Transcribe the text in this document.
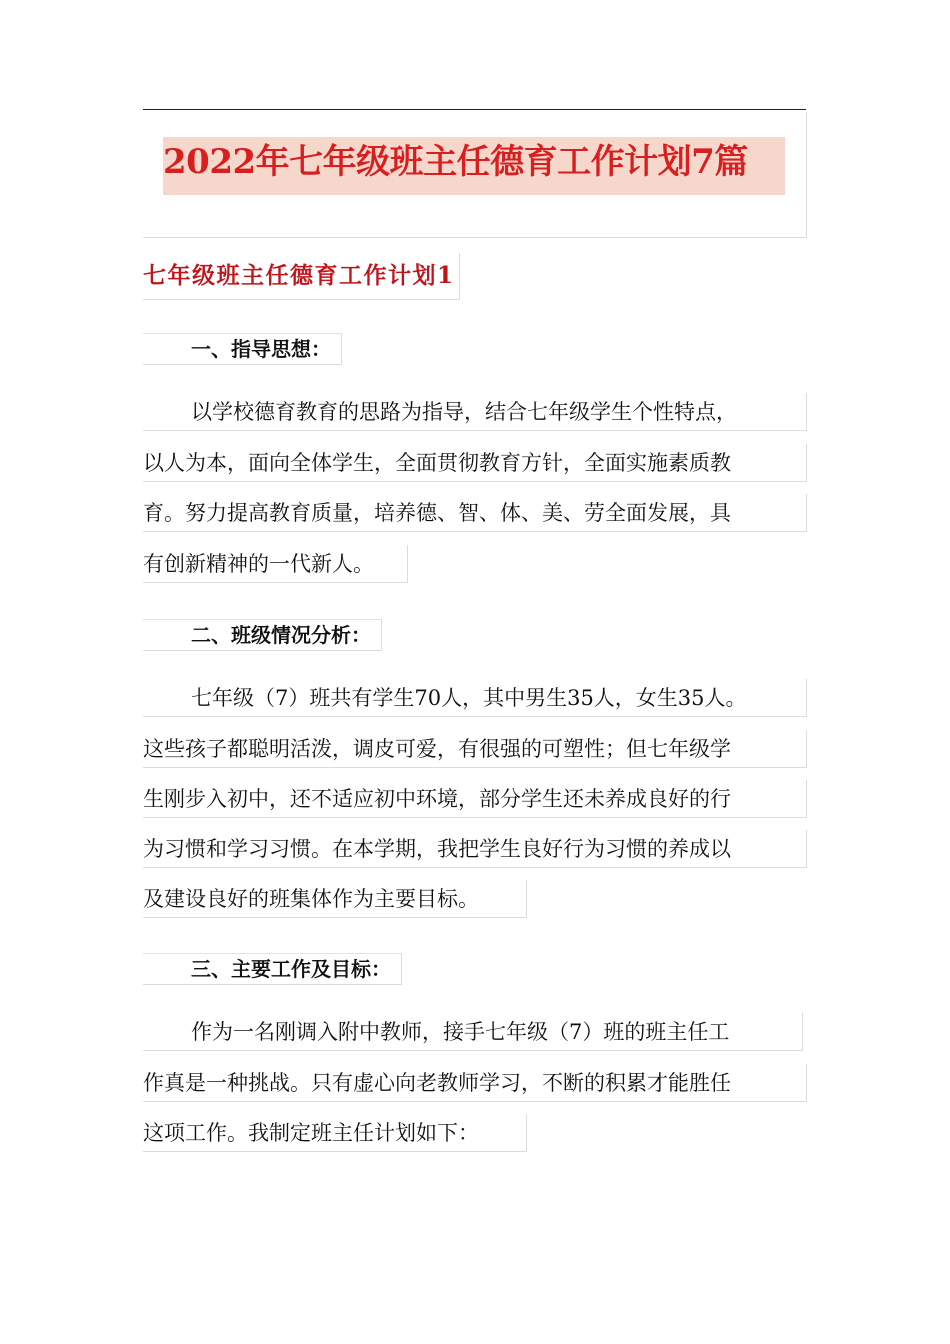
2022年七年级班主任德育工作计划7篇
七年级班主任德育工作计划1
一、指导思想：
以学校德育教育的思路为指导，结合七年级学生个性特点，
以人为本，面向全体学生，全面贯彻教育方针，全面实施素质教
育。努力提高教育质量，培养德、智、体、美、劳全面发展，具
有创新精神的一代新人。
二、班级情况分析：
七年级（7）班共有学生70人，其中男生35人，女生35人。
这些孩子都聪明活泼，调皮可爱，有很强的可塑性；但七年级学
生刚步入初中，还不适应初中环境，部分学生还未养成良好的行
为习惯和学习习惯。在本学期，我把学生良好行为习惯的养成以
及建设良好的班集体作为主要目标。
三、主要工作及目标：
作为一名刚调入附中教师，接手七年级（7）班的班主任工
作真是一种挑战。只有虚心向老教师学习，不断的积累才能胜任
这项工作。我制定班主任计划如下：
